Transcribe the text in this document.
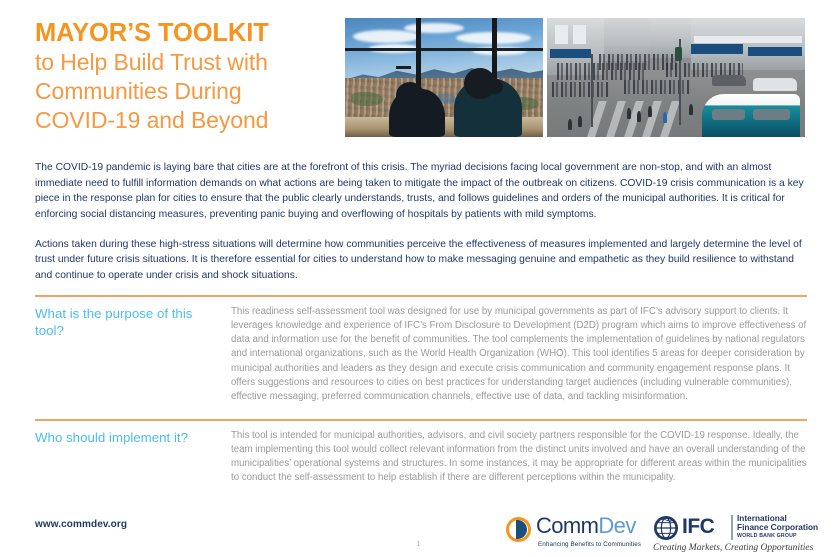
MAYOR’S TOOLKIT
to Help Build Trust with
Communities During
COVID-19 and Beyond

The COVID-19 pandemic is laying bare that cities are at the forefront of this crisis. The myriad decisions facing local government are non-stop, and with an almost immediate need to fulfill information demands on what actions are being taken to mitigate the impact of the outbreak on citizens. COVID-19 crisis communication is a key piece in the response plan for cities to ensure that the public clearly understands, trusts, and follows guidelines and orders of the municipal authorities. It is critical for enforcing social distancing measures, preventing panic buying and overflowing of hospitals by patients with mild symptoms.

Actions taken during these high-stress situations will determine how communities perceive the effectiveness of measures implemented and largely determine the level of trust under future crisis situations. It is therefore essential for cities to understand how to make messaging genuine and empathetic as they build resilience to withstand and continue to operate under crisis and shock situations.

What is the purpose of this tool?
This readiness self-assessment tool was designed for use by municipal governments as part of IFC’s advisory support to clients. It leverages knowledge and experience of IFC’s From Disclosure to Development (D2D) program which aims to improve effectiveness of data and information use for the benefit of communities. The tool complements the implementation of guidelines by national regulators and international organizations, such as the World Health Organization (WHO). This tool identifies 5 areas for deeper consideration by municipal authorities and leaders as they design and execute crisis communication and community engagement response plans. It offers suggestions and resources to cities on best practices for understanding target audiences (including vulnerable communities), effective messaging, preferred communication channels, effective use of data, and tackling misinformation.
Who should implement it?	This tool is intended for municipal authorities, advisors, and civil society partners responsible for the COVID-19 response. Ideally, the team implementing this tool would collect relevant information from the distinct units involved and have an overall understanding of the municipalities’ operational systems and structures. In some instances, it may be appropriate for different areas within the municipalities to conduct the self-assessment to help establish if there are different perceptions within the municipality.
www.commdev.org	CommDev
Enhancing Benefits to Communities
IFC	International
Finance Corporation
WORLD BANK GROUP
Creating Markets, Creating Opportunities
1
